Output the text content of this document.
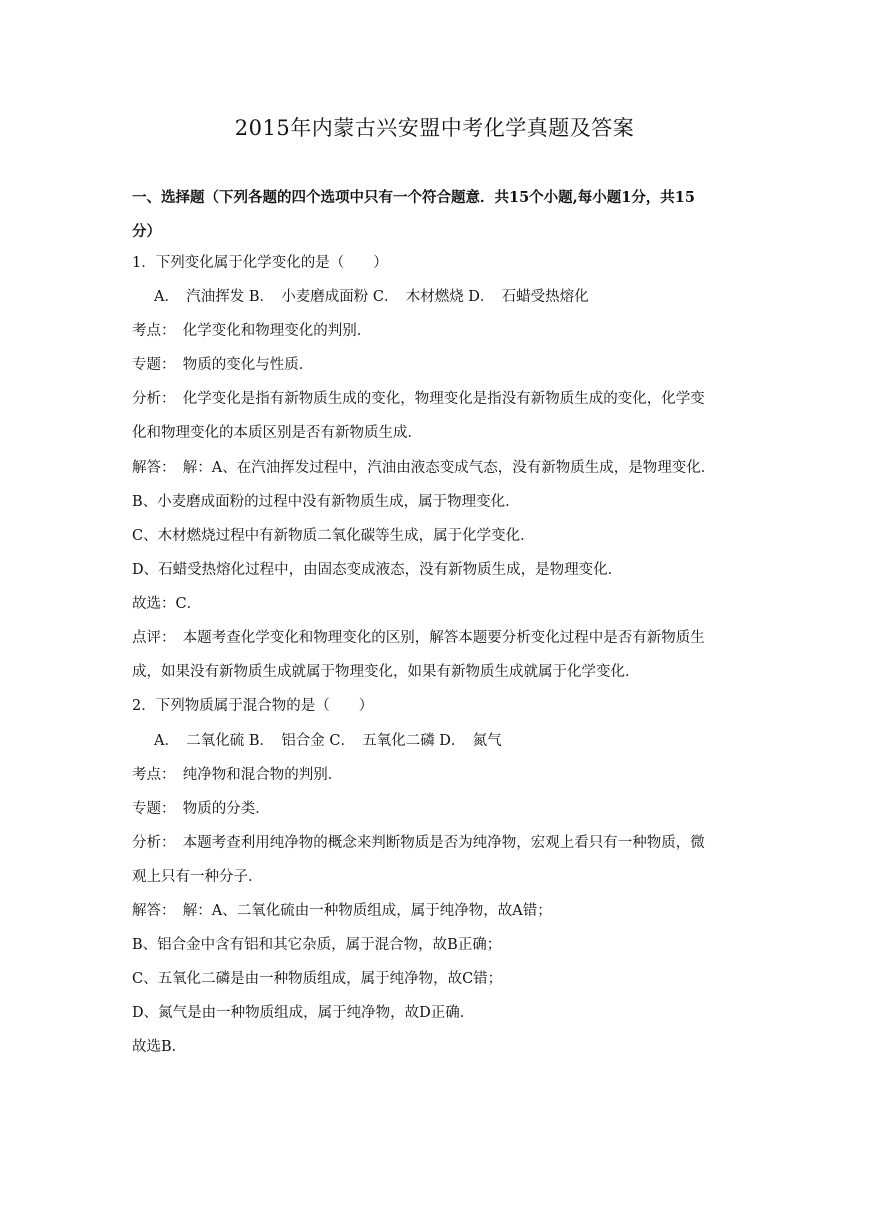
2015年内蒙古兴安盟中考化学真题及答案
一、选择题（下列各题的四个选项中只有一个符合题意．共15个小题,每小题1分，共15
分）
1．下列变化属于化学变化的是（　　）
A．　汽油挥发 B．　小麦磨成面粉 C．　木材燃烧 D．　石蜡受热熔化
考点：　化学变化和物理变化的判别．
专题：　物质的变化与性质．
分析：　化学变化是指有新物质生成的变化，物理变化是指没有新物质生成的变化，化学变
化和物理变化的本质区别是否有新物质生成．
解答：　解：A、在汽油挥发过程中，汽油由液态变成气态，没有新物质生成，是物理变化．
B、小麦磨成面粉的过程中没有新物质生成，属于物理变化．
C、木材燃烧过程中有新物质二氧化碳等生成，属于化学变化．
D、石蜡受热熔化过程中，由固态变成液态，没有新物质生成，是物理变化．
故选：C．
点评：　本题考查化学变化和物理变化的区别，解答本题要分析变化过程中是否有新物质生
成，如果没有新物质生成就属于物理变化，如果有新物质生成就属于化学变化．
2．下列物质属于混合物的是（　　）
A．　二氧化硫 B．　铝合金 C．　五氧化二磷 D．　氮气
考点：　纯净物和混合物的判别．
专题：　物质的分类．
分析：　本题考查利用纯净物的概念来判断物质是否为纯净物，宏观上看只有一种物质，微
观上只有一种分子．
解答：　解：A、二氧化硫由一种物质组成，属于纯净物，故A错；
B、铝合金中含有铝和其它杂质，属于混合物，故B正确；
C、五氧化二磷是由一种物质组成，属于纯净物，故C错；
D、氮气是由一种物质组成，属于纯净物，故D正确．
故选B．
